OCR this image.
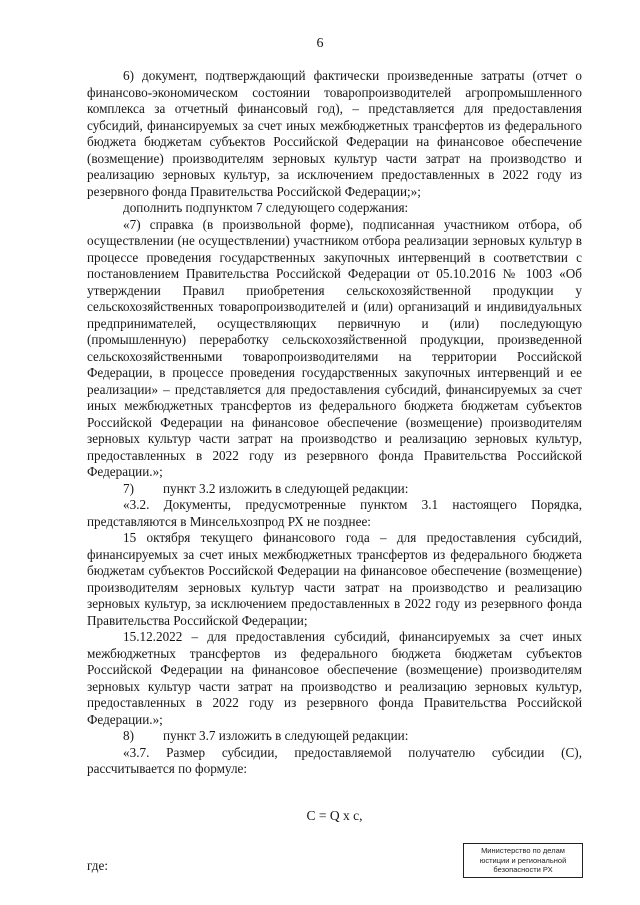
6

6) документ, подтверждающий фактически произведенные затраты (отчет о финансово-экономическом состоянии товаропроизводителей агропромышленного комплекса за отчетный финансовый год), – представляется для предоставления субсидий, финансируемых за счет иных межбюджетных трансфертов из федерального бюджета бюджетам субъектов Российской Федерации на финансовое обеспечение (возмещение) производителям зерновых культур части затрат на производство и реализацию зерновых культур, за исключением предоставленных в 2022 году из резервного фонда Правительства Российской Федерации;»;

дополнить подпунктом 7 следующего содержания:

«7) справка (в произвольной форме), подписанная участником отбора, об осуществлении (не осуществлении) участником отбора реализации зерновых культур в процессе проведения государственных закупочных интервенций в соответствии с постановлением Правительства Российской Федерации от 05.10.2016 № 1003 «Об утверждении Правил приобретения сельскохозяйственной продукции у сельскохозяйственных товаропроизводителей и (или) организаций и индивидуальных предпринимателей, осуществляющих первичную и (или) последующую (промышленную) переработку сельскохозяйственной продукции, произведенной сельскохозяйственными товаропроизводителями на территории Российской Федерации, в процессе проведения государственных закупочных интервенций и ее реализации» – представляется для предоставления субсидий, финансируемых за счет иных межбюджетных трансфертов из федерального бюджета бюджетам субъектов Российской Федерации на финансовое обеспечение (возмещение) производителям зерновых культур части затрат на производство и реализацию зерновых культур, предоставленных в 2022 году из резервного фонда Правительства Российской Федерации.»;

7) пункт 3.2 изложить в следующей редакции:

«3.2. Документы, предусмотренные пунктом 3.1 настоящего Порядка, представляются в Минсельхозпрод РХ не позднее:

15 октября текущего финансового года – для предоставления субсидий, финансируемых за счет иных межбюджетных трансфертов из федерального бюджета бюджетам субъектов Российской Федерации на финансовое обеспечение (возмещение) производителям зерновых культур части затрат на производство и реализацию зерновых культур, за исключением предоставленных в 2022 году из резервного фонда Правительства Российской Федерации;

15.12.2022 – для предоставления субсидий, финансируемых за счет иных межбюджетных трансфертов из федерального бюджета бюджетам субъектов Российской Федерации на финансовое обеспечение (возмещение) производителям зерновых культур части затрат на производство и реализацию зерновых культур, предоставленных в 2022 году из резервного фонда Правительства Российской Федерации.»;

8) пункт 3.7 изложить в следующей редакции:

«3.7. Размер субсидии, предоставляемой получателю субсидии (С), рассчитывается по формуле:

С = Q x c,

где:

Министерство по делам
юстиции и региональной
безопасности РХ
